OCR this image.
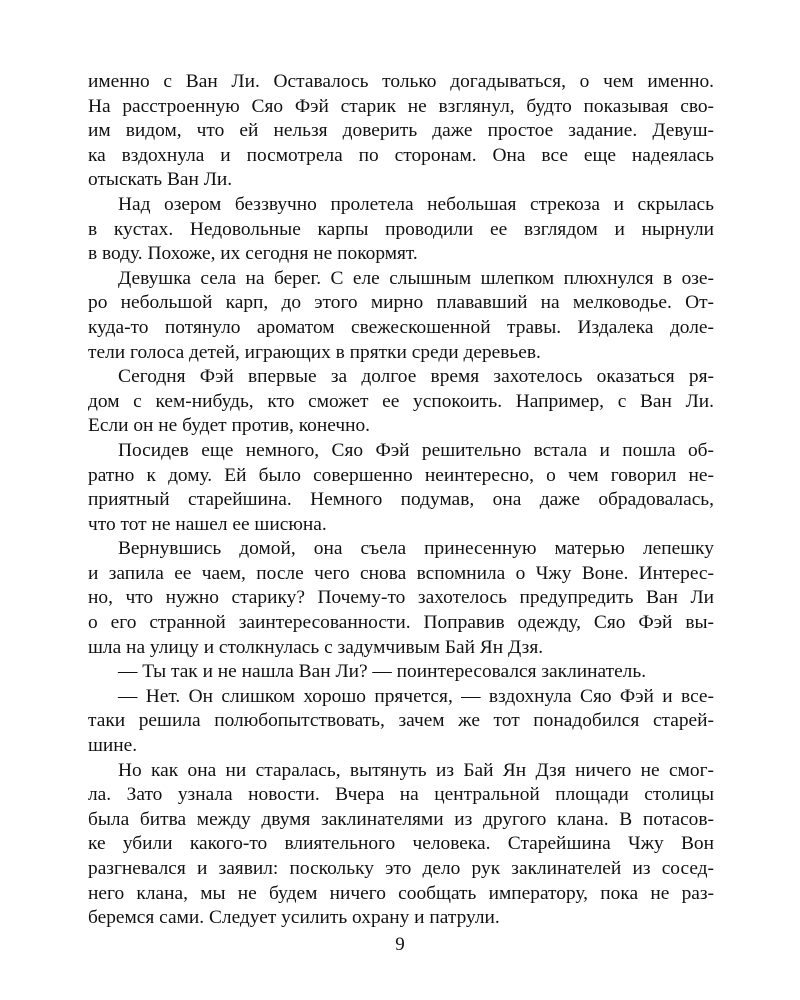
именно с Ван Ли. Оставалось только догадываться, о чем именно.
На расстроенную Сяо Фэй старик не взглянул, будто показывая сво-
им видом, что ей нельзя доверить даже простое задание. Девуш-
ка вздохнула и посмотрела по сторонам. Она все еще надеялась
отыскать Ван Ли.
Над озером беззвучно пролетела небольшая стрекоза и скрылась
в кустах. Недовольные карпы проводили ее взглядом и нырнули
в воду. Похоже, их сегодня не покормят.
Девушка села на берег. С еле слышным шлепком плюхнулся в озе-
ро небольшой карп, до этого мирно плававший на мелководье. От-
куда-то потянуло ароматом свежескошенной травы. Издалека доле-
тели голоса детей, играющих в прятки среди деревьев.
Сегодня Фэй впервые за долгое время захотелось оказаться ря-
дом с кем-нибудь, кто сможет ее успокоить. Например, с Ван Ли.
Если он не будет против, конечно.
Посидев еще немного, Сяо Фэй решительно встала и пошла об-
ратно к дому. Ей было совершенно неинтересно, о чем говорил не-
приятный старейшина. Немного подумав, она даже обрадовалась,
что тот не нашел ее шисюна.
Вернувшись домой, она съела принесенную матерью лепешку
и запила ее чаем, после чего снова вспомнила о Чжу Воне. Интерес-
но, что нужно старику? Почему-то захотелось предупредить Ван Ли
о его странной заинтересованности. Поправив одежду, Сяо Фэй вы-
шла на улицу и столкнулась с задумчивым Бай Ян Дзя.
— Ты так и не нашла Ван Ли? — поинтересовался заклинатель.
— Нет. Он слишком хорошо прячется, — вздохнула Сяо Фэй и все-
таки решила полюбопытствовать, зачем же тот понадобился старей-
шине.
Но как она ни старалась, вытянуть из Бай Ян Дзя ничего не смог-
ла. Зато узнала новости. Вчера на центральной площади столицы
была битва между двумя заклинателями из другого клана. В потасов-
ке убили какого-то влиятельного человека. Старейшина Чжу Вон
разгневался и заявил: поскольку это дело рук заклинателей из сосед-
него клана, мы не будем ничего сообщать императору, пока не раз-
беремся сами. Следует усилить охрану и патрули.
9
